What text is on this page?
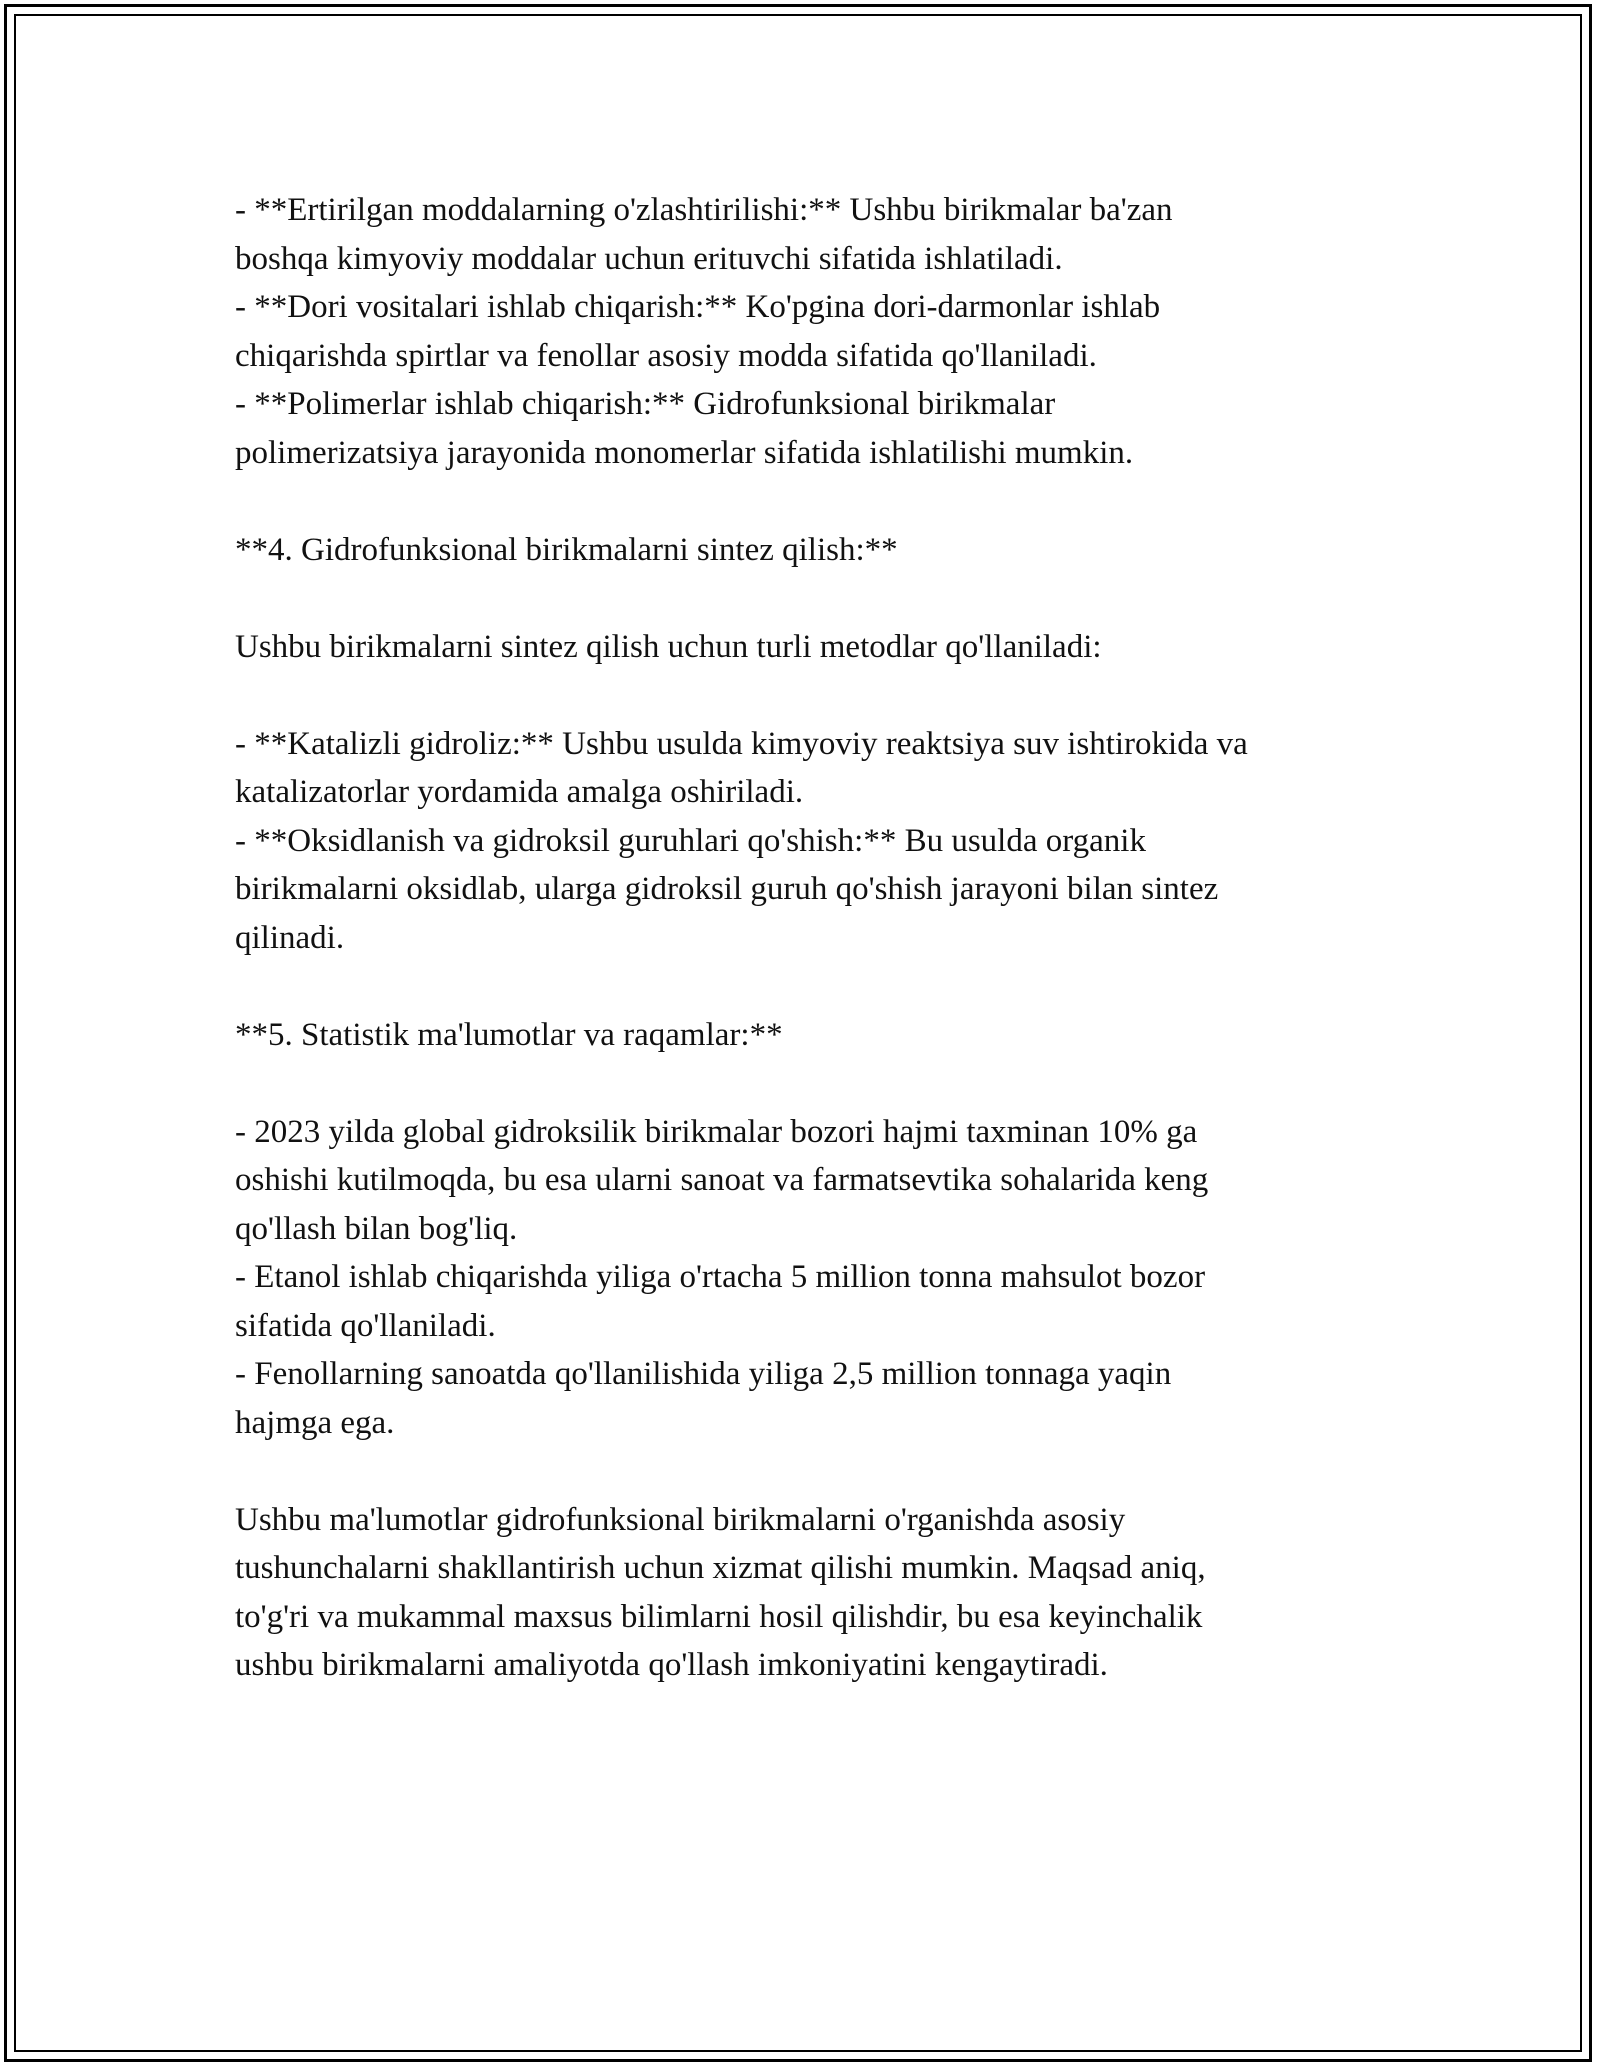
- **Ertirilgan moddalarning o'zlashtirilishi:** Ushbu birikmalar ba'zan

boshqa kimyoviy moddalar uchun erituvchi sifatida ishlatiladi.

- **Dori vositalari ishlab chiqarish:** Ko'pgina dori-darmonlar ishlab

chiqarishda spirtlar va fenollar asosiy modda sifatida qo'llaniladi.

- **Polimerlar ishlab chiqarish:** Gidrofunksional birikmalar

polimerizatsiya jarayonida monomerlar sifatida ishlatilishi mumkin.

**4. Gidrofunksional birikmalarni sintez qilish:**

Ushbu birikmalarni sintez qilish uchun turli metodlar qo'llaniladi:

- **Katalizli gidroliz:** Ushbu usulda kimyoviy reaktsiya suv ishtirokida va

katalizatorlar yordamida amalga oshiriladi.

- **Oksidlanish va gidroksil guruhlari qo'shish:** Bu usulda organik

birikmalarni oksidlab, ularga gidroksil guruh qo'shish jarayoni bilan sintez

qilinadi.

**5. Statistik ma'lumotlar va raqamlar:**

- 2023 yilda global gidroksilik birikmalar bozori hajmi taxminan 10% ga

oshishi kutilmoqda, bu esa ularni sanoat va farmatsevtika sohalarida keng

qo'llash bilan bog'liq.

- Etanol ishlab chiqarishda yiliga o'rtacha 5 million tonna mahsulot bozor

sifatida qo'llaniladi.

- Fenollarning sanoatda qo'llanilishida yiliga 2,5 million tonnaga yaqin

hajmga ega.

Ushbu ma'lumotlar gidrofunksional birikmalarni o'rganishda asosiy

tushunchalarni shakllantirish uchun xizmat qilishi mumkin. Maqsad aniq,

to'g'ri va mukammal maxsus bilimlarni hosil qilishdir, bu esa keyinchalik

ushbu birikmalarni amaliyotda qo'llash imkoniyatini kengaytiradi.
